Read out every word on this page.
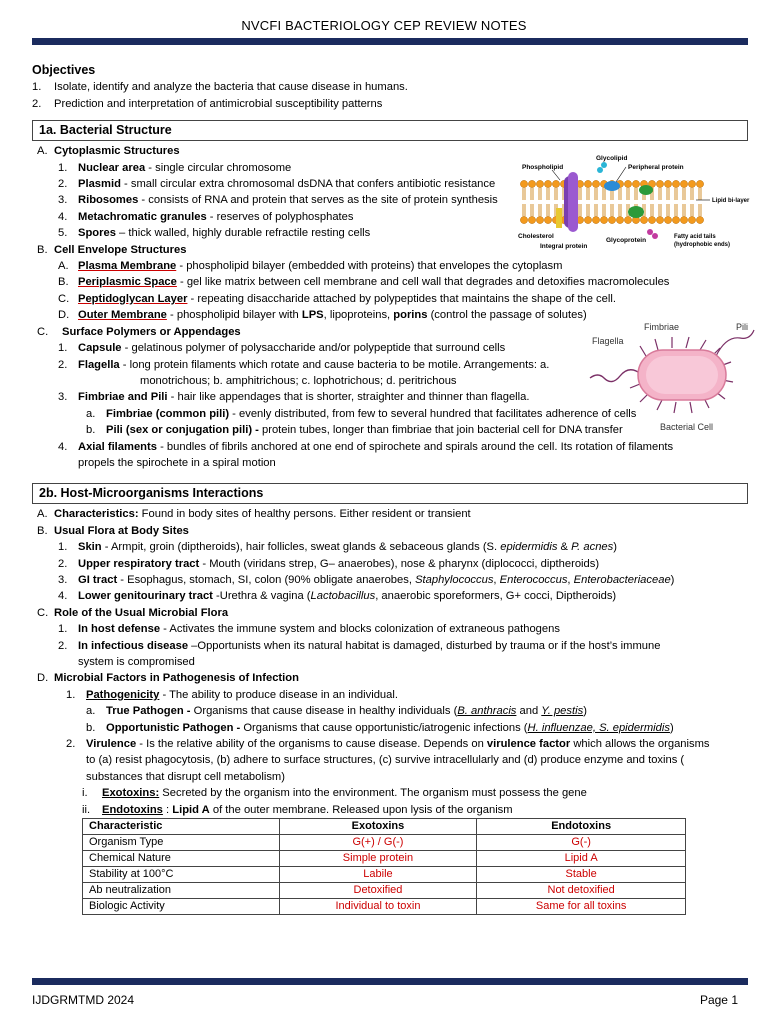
NVCFI BACTERIOLOGY CEP REVIEW NOTES
Objectives
1. Isolate, identify and analyze the bacteria that cause disease in humans.
2. Prediction and interpretation of antimicrobial susceptibility patterns
1a. Bacterial Structure
A. Cytoplasmic Structures
1. Nuclear area - single circular chromosome
2. Plasmid - small circular extra chromosomal dsDNA that confers antibiotic resistance
3. Ribosomes - consists of RNA and protein that serves as the site of protein synthesis
4. Metachromatic granules - reserves of polyphosphates
5. Spores – thick walled, highly durable refractile resting cells
B. Cell Envelope Structures
A. Plasma Membrane - phospholipid bilayer (embedded with proteins) that envelopes the cytoplasm
B. Periplasmic Space - gel like matrix between cell membrane and cell wall that degrades and detoxifies macromolecules
C. Peptidoglycan Layer - repeating disaccharide attached by polypeptides that maintains the shape of the cell.
D. Outer Membrane - phospholipid bilayer with LPS, lipoproteins, porins (control the passage of solutes)
C. Surface Polymers or Appendages
1. Capsule - gelatinous polymer of polysaccharide and/or polypeptide that surround cells
2. Flagella - long protein filaments which rotate and cause bacteria to be motile. Arrangements: a.
monotrichous; b. amphitrichous; c. lophotrichous; d. peritrichous
3. Fimbriae and Pili - hair like appendages that is shorter, straighter and thinner than flagella.
a. Fimbriae (common pili) - evenly distributed, from few to several hundred that facilitates adherence of cells
b. Pili (sex or conjugation pili) - protein tubes, longer than fimbriae that join bacterial cell for DNA transfer
4. Axial filaments - bundles of fibrils anchored at one end of spirochete and spirals around the cell. Its rotation of filaments
propels the spirochete in a spiral motion
2b. Host-Microorganisms Interactions
A. Characteristics: Found in body sites of healthy persons. Either resident or transient
B. Usual Flora at Body Sites
1. Skin - Armpit, groin (diptheroids), hair follicles, sweat glands & sebaceous glands (S. epidermidis & P. acnes)
2. Upper respiratory tract - Mouth (viridans strep, G– anaerobes), nose & pharynx (diplococci, diptheroids)
3. GI tract - Esophagus, stomach, SI, colon (90% obligate anaerobes, Staphylococcus, Enterococcus, Enterobacteriaceae)
4. Lower genitourinary tract -Urethra & vagina (Lactobacillus, anaerobic sporeformers, G+ cocci, Diptheroids)
C. Role of the Usual Microbial Flora
1. In host defense - Activates the immune system and blocks colonization of extraneous pathogens
2. In infectious disease –Opportunists when its natural habitat is damaged, disturbed by trauma or if the host’s immune
system is compromised
D. Microbial Factors in Pathogenesis of Infection
1. Pathogenicity - The ability to produce disease in an individual.
a. True Pathogen - Organisms that cause disease in healthy individuals (B. anthracis and Y. pestis)
b. Opportunistic Pathogen - Organisms that cause opportunistic/iatrogenic infections (H. influenzae, S. epidermidis)
2. Virulence - Is the relative ability of the organisms to cause disease. Depends on virulence factor which allows the organisms
to (a) resist phagocytosis, (b) adhere to surface structures, (c) survive intracellularly and (d) produce enzyme and toxins (
substances that disrupt cell metabolism)
i. Exotoxins: Secreted by the organism into the environment. The organism must possess the gene
ii. Endotoxins : Lipid A of the outer membrane. Released upon lysis of the organism
Characteristic	Exotoxins	Endotoxins
Organism Type	G(+) / G(-)	G(-)
Chemical Nature	Simple protein	Lipid A
Stability at 100°C	Labile	Stable
Ab neutralization	Detoxified	Not detoxified
Biologic Activity	Individual to toxin	Same for all toxins
Phospholipid
Glycolipid
Peripheral protein
Lipid bi-layer
Cholesterol
Integral protein
Glycoprotein	Fatty acid tails
(hydrophobic ends)
Fimbriae	Pili
Flagella
Bacterial Cell
IJDGRMTMD 2024	Page 1
